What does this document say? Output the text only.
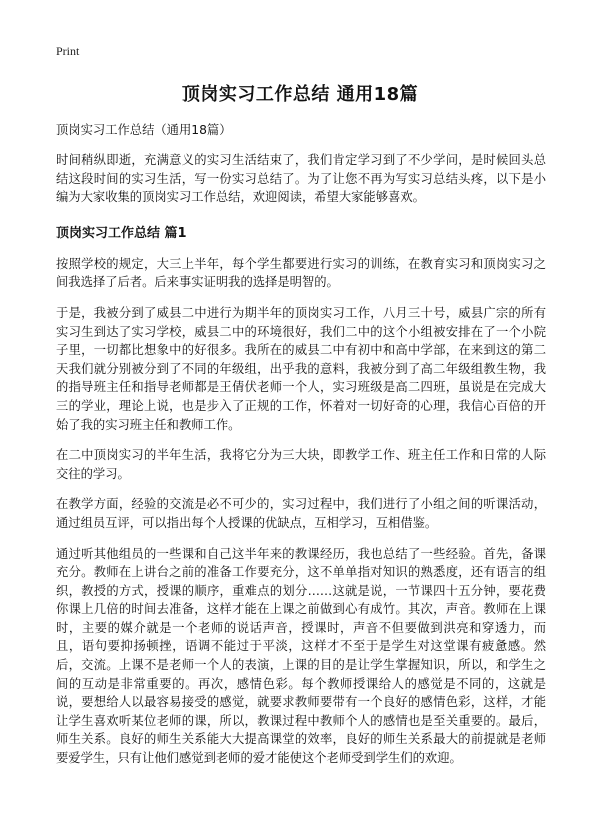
Print
顶岗实习工作总结 通用18篇

顶岗实习工作总结（通用18篇）

时间稍纵即逝，充满意义的实习生活结束了，我们肯定学习到了不少学问，是时候回头总结这段时间的实习生活，写一份实习总结了。为了让您不再为写实习总结头疼，以下是小编为大家收集的顶岗实习工作总结，欢迎阅读，希望大家能够喜欢。

顶岗实习工作总结 篇1

按照学校的规定，大三上半年，每个学生都要进行实习的训练，在教育实习和顶岗实习之间我选择了后者。后来事实证明我的选择是明智的。

于是，我被分到了威县二中进行为期半年的顶岗实习工作，八月三十号，威县广宗的所有实习生到达了实习学校，威县二中的环境很好，我们二中的这个小组被安排在了一个小院子里，一切都比想象中的好很多。我所在的威县二中有初中和高中学部，在来到这的第二天我们就分别被分到了不同的年级组，出乎我的意料，我被分到了高二年级组教生物，我的指导班主任和指导老师都是王倩伏老师一个人，实习班级是高二四班，虽说是在完成大三的学业，理论上说，也是步入了正规的工作，怀着对一切好奇的心理，我信心百倍的开始了我的实习班主任和教师工作。

在二中顶岗实习的半年生活，我将它分为三大块，即教学工作、班主任工作和日常的人际交往的学习。

在教学方面，经验的交流是必不可少的，实习过程中，我们进行了小组之间的听课活动，通过组员互评，可以指出每个人授课的优缺点，互相学习，互相借鉴。

通过听其他组员的一些课和自己这半年来的教课经历，我也总结了一些经验。首先，备课充分。教师在上讲台之前的准备工作要充分，这不单单指对知识的熟悉度，还有语言的组织，教授的方式，授课的顺序，重难点的划分……这就是说，一节课四十五分钟，要花费你课上几倍的时间去准备，这样才能在上课之前做到心有成竹。其次，声音。教师在上课时，主要的媒介就是一个老师的说话声音，授课时，声音不但要做到洪亮和穿透力，而且，语句要抑扬顿挫，语调不能过于平淡，这样才不至于是学生对这堂课有疲惫感。然后，交流。上课不是老师一个人的表演，上课的目的是让学生掌握知识，所以，和学生之间的互动是非常重要的。再次，感情色彩。每个教师授课给人的感觉是不同的，这就是说，要想给人以最容易接受的感觉，就要求教师要带有一个良好的感情色彩，这样，才能让学生喜欢听某位老师的课，所以，教课过程中教师个人的感情也是至关重要的。最后，师生关系。良好的师生关系能大大提高课堂的效率，良好的师生关系最大的前提就是老师要爱学生，只有让他们感觉到老师的爱才能使这个老师受到学生们的欢迎。
